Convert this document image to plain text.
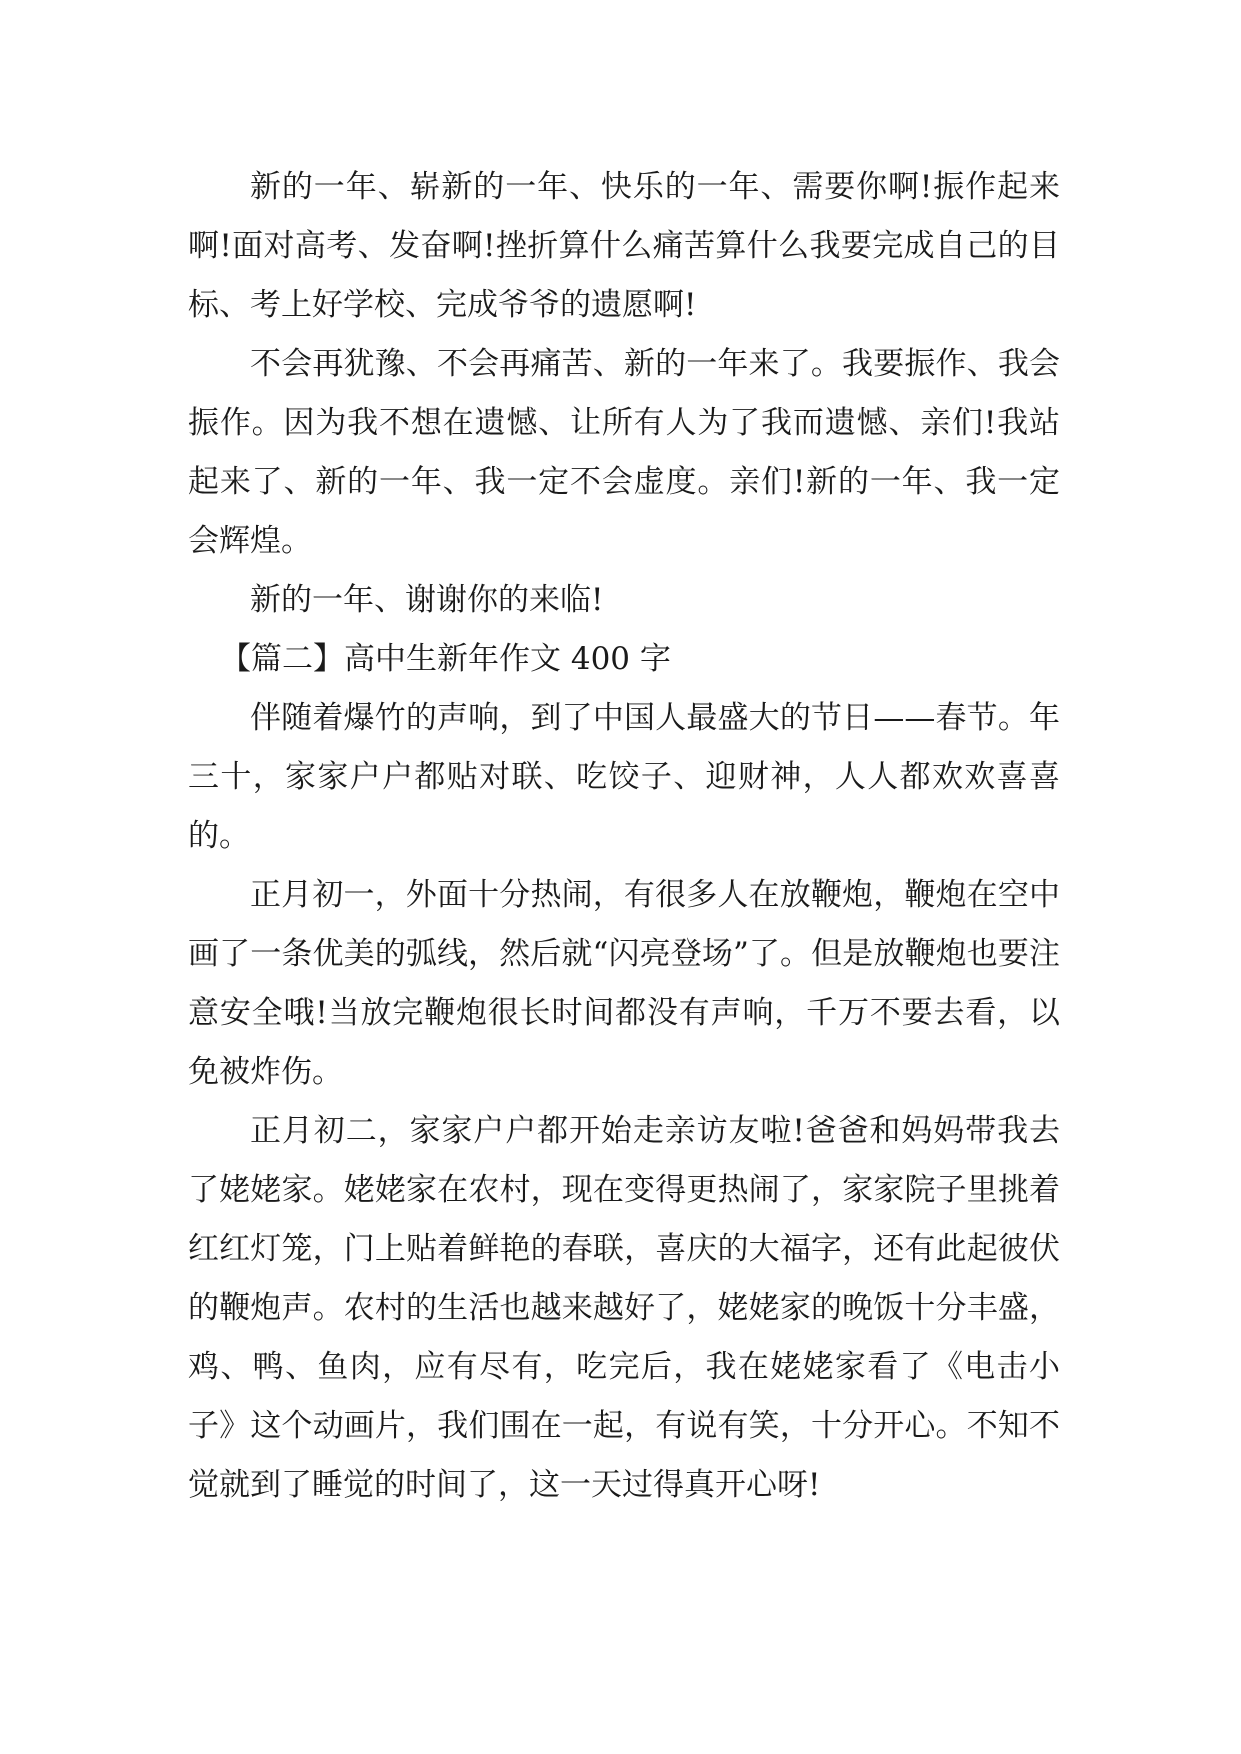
新的一年、崭新的一年、快乐的一年、需要你啊!振作起来啊!面对高考、发奋啊!挫折算什么痛苦算什么我要完成自己的目标、考上好学校、完成爷爷的遗愿啊!

不会再犹豫、不会再痛苦、新的一年来了。我要振作、我会振作。因为我不想在遗憾、让所有人为了我而遗憾、亲们!我站起来了、新的一年、我一定不会虚度。亲们!新的一年、我一定会辉煌。

新的一年、谢谢你的来临!

【篇二】高中生新年作文 400 字

伴随着爆竹的声响，到了中国人最盛大的节日——春节。年三十，家家户户都贴对联、吃饺子、迎财神，人人都欢欢喜喜的。

正月初一，外面十分热闹，有很多人在放鞭炮，鞭炮在空中画了一条优美的弧线，然后就“闪亮登场”了。但是放鞭炮也要注意安全哦!当放完鞭炮很长时间都没有声响，千万不要去看，以免被炸伤。

正月初二，家家户户都开始走亲访友啦!爸爸和妈妈带我去了姥姥家。姥姥家在农村，现在变得更热闹了，家家院子里挑着红红灯笼，门上贴着鲜艳的春联，喜庆的大福字，还有此起彼伏的鞭炮声。农村的生活也越来越好了，姥姥家的晚饭十分丰盛，鸡、鸭、鱼肉，应有尽有，吃完后，我在姥姥家看了《电击小子》这个动画片，我们围在一起，有说有笑，十分开心。不知不觉就到了睡觉的时间了，这一天过得真开心呀!
